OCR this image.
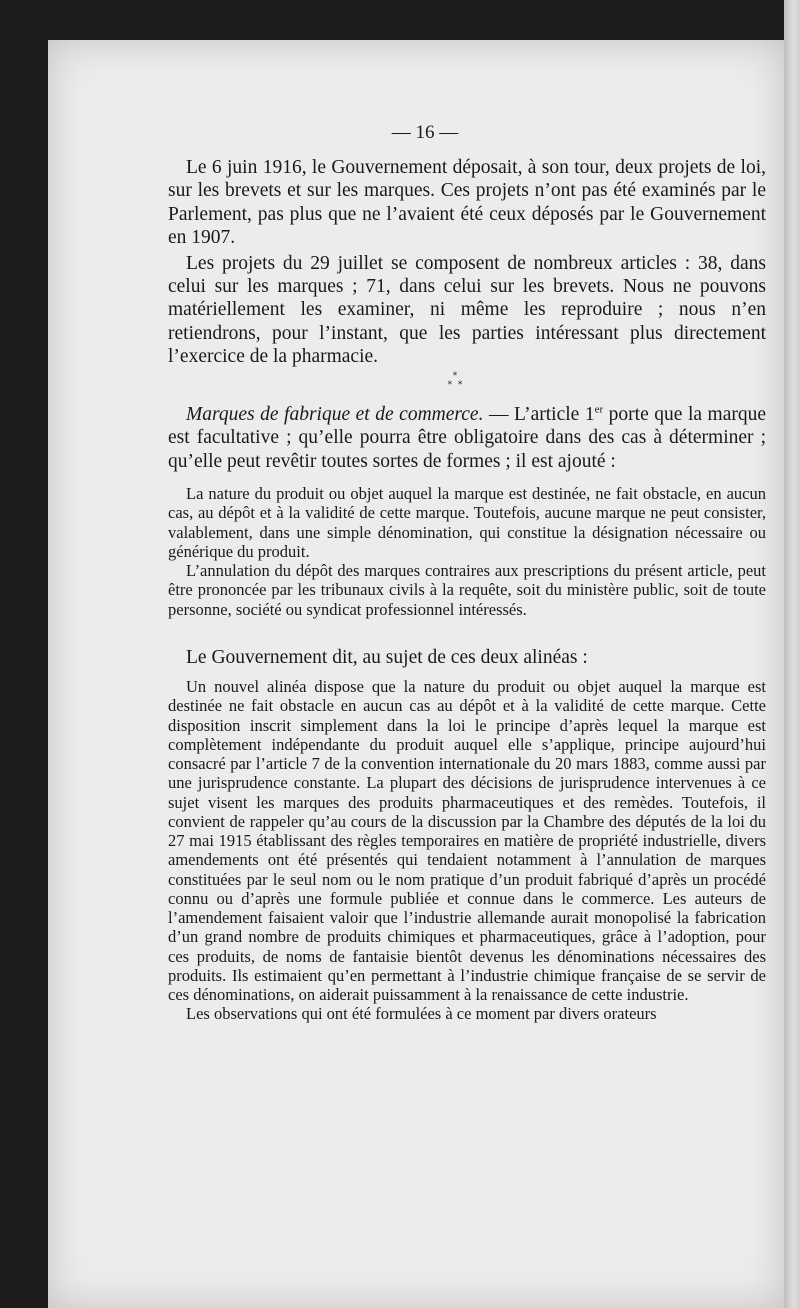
— 16 —

Le 6 juin 1916, le Gouvernement déposait, à son tour, deux projets de loi, sur les brevets et sur les marques. Ces projets n’ont pas été examinés par le Parlement, pas plus que ne l’avaient été ceux déposés par le Gouvernement en 1907.

Les projets du 29 juillet se composent de nombreux articles : 38, dans celui sur les marques ; 71, dans celui sur les brevets. Nous ne pouvons matériellement les examiner, ni même les reproduire ; nous n’en retiendrons, pour l’instant, que les parties intéressant plus directement l’exercice de la pharmacie.

*
*  *

Marques de fabrique et de commerce. — L’article 1er porte que la marque est facultative ; qu’elle pourra être obligatoire dans des cas à déterminer ; qu’elle peut revêtir toutes sortes de formes ; il est ajouté :

La nature du produit ou objet auquel la marque est destinée, ne fait obstacle, en aucun cas, au dépôt et à la validité de cette marque. Toutefois, aucune marque ne peut consister, valablement, dans une simple dénomination, qui constitue la désignation nécessaire ou générique du produit.

L’annulation du dépôt des marques contraires aux prescriptions du présent article, peut être prononcée par les tribunaux civils à la requête, soit du ministère public, soit de toute personne, société ou syndicat professionnel intéressés.

Le Gouvernement dit, au sujet de ces deux alinéas :

Un nouvel alinéa dispose que la nature du produit ou objet auquel la marque est destinée ne fait obstacle en aucun cas au dépôt et à la validité de cette marque. Cette disposition inscrit simplement dans la loi le principe d’après lequel la marque est complètement indépendante du produit auquel elle s’applique, principe aujourd’hui consacré par l’article 7 de la convention internationale du 20 mars 1883, comme aussi par une jurisprudence constante. La plupart des décisions de jurisprudence intervenues à ce sujet visent les marques des produits pharmaceutiques et des remèdes. Toutefois, il convient de rappeler qu’au cours de la discussion par la Chambre des députés de la loi du 27 mai 1915 établissant des règles temporaires en matière de propriété industrielle, divers amendements ont été présentés qui tendaient notamment à l’annulation de marques constituées par le seul nom ou le nom pratique d’un produit fabriqué d’après un procédé connu ou d’après une formule publiée et connue dans le commerce. Les auteurs de l’amendement faisaient valoir que l’industrie allemande aurait monopolisé la fabrication d’un grand nombre de produits chimiques et pharmaceutiques, grâce à l’adoption, pour ces produits, de noms de fantaisie bientôt devenus les dénominations nécessaires des produits. Ils estimaient qu’en permettant à l’industrie chimique française de se servir de ces dénominations, on aiderait puissamment à la renaissance de cette industrie.

Les observations qui ont été formulées à ce moment par divers orateurs
